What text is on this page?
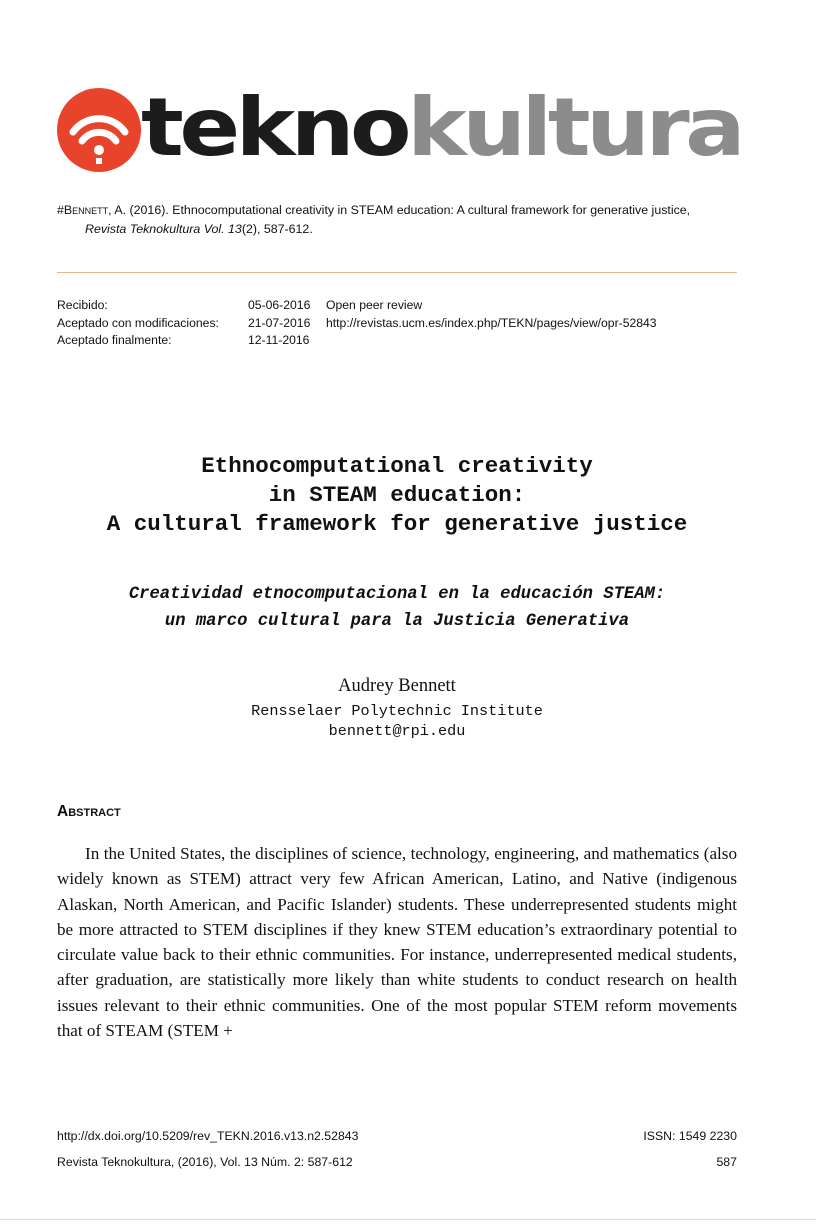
teknokultura
#Bennett, A. (2016). Ethnocomputational creativity in STEAM education: A cultural framework for generative justice,
Revista Teknokultura Vol. 13(2), 587-612.
Recibido:	05-06-2016 Open peer review
Aceptado con modificaciones: 21-07-2016 http://revistas.ucm.es/index.php/TEKN/pages/view/opr-52843
Aceptado finalmente:	12-11-2016
Ethnocomputational creativity
in STEAM education:
A cultural framework for generative justice
Creatividad etnocomputacional en la educación STEAM:
un marco cultural para la Justicia Generativa
Audrey Bennett
Rensselaer Polytechnic Institute
bennett@rpi.edu
Abstract

In the United States, the disciplines of science, technology, engineering, and mathematics (also widely known as STEM) attract very few African American, Latino, and Native (indigenous Alaskan, North American, and Pacific Islander) students. These underrepresented students might be more attracted to STEM disciplines if they knew STEM education’s extraordinary potential to circulate value back to their ethnic communities. For instance, underrepresented medical students, after graduation, are statistically more likely than white students to conduct research on health issues relevant to their ethnic communities. One of the most popular STEM reform movements that of STEAM (STEM +

http://dx.doi.org/10.5209/rev_TEKN.2016.v13.n2.52843	ISSN: 1549 2230
Revista Teknokultura, (2016), Vol. 13 Núm. 2: 587-612	587
